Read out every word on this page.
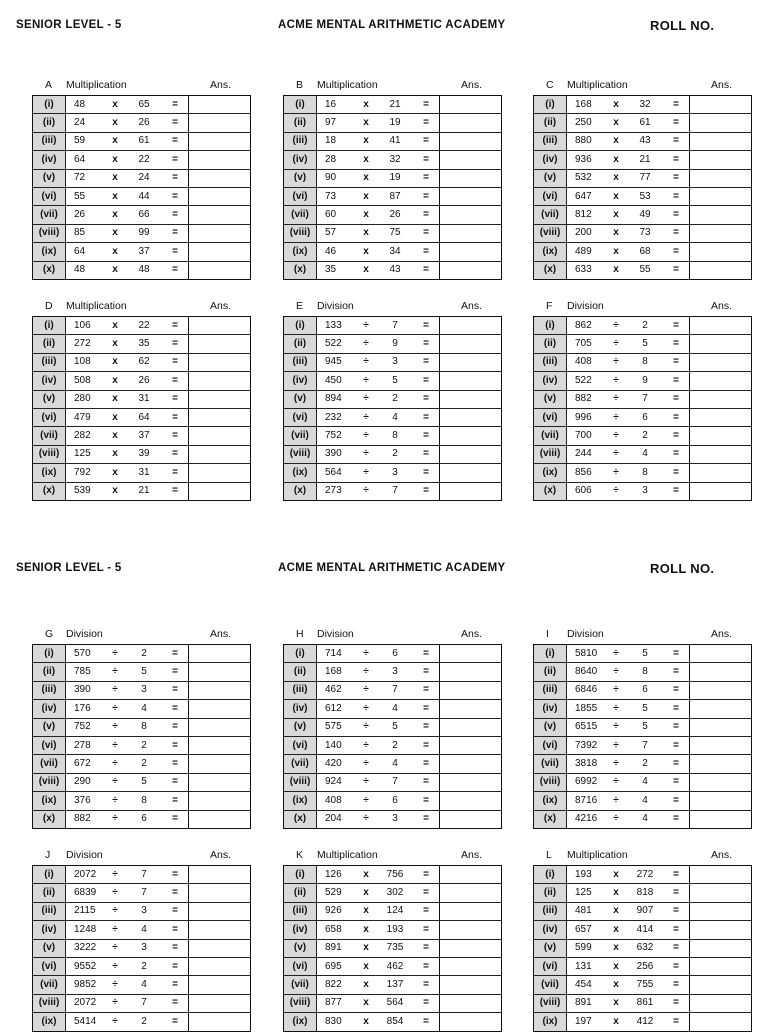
SENIOR LEVEL - 5	ACME MENTAL ARITHMETIC ACADEMY	ROLL NO.
SENIOR LEVEL - 5	ACME MENTAL ARITHMETIC ACADEMY	ROLL NO.
A Multiplication	Ans.
(i)	48	x	65	=	
(ii)	24	x	26	=	
(iii)	59	x	61	=	
(iv)	64	x	22	=	
(v)	72	x	24	=	
(vi)	55	x	44	=	
(vii)	26	x	66	=	
(viii)	85	x	99	=	
(ix)	64	x	37	=	
(x)	48	x	48	=	
B Multiplication	Ans.
(i)	16	x	21	=	
(ii)	97	x	19	=	
(iii)	18	x	41	=	
(iv)	28	x	32	=	
(v)	90	x	19	=	
(vi)	73	x	87	=	
(vii)	60	x	26	=	
(viii)	57	x	75	=	
(ix)	46	x	34	=	
(x)	35	x	43	=	
C Multiplication	Ans.
(i)	168	x	32	=	
(ii)	250	x	61	=	
(iii)	880	x	43	=	
(iv)	936	x	21	=	
(v)	532	x	77	=	
(vi)	647	x	53	=	
(vii)	812	x	49	=	
(viii)	200	x	73	=	
(ix)	489	x	68	=	
(x)	633	x	55	=	
D Multiplication	Ans.
(i)	106	x	22	=	
(ii)	272	x	35	=	
(iii)	108	x	62	=	
(iv)	508	x	26	=	
(v)	280	x	31	=	
(vi)	479	x	64	=	
(vii)	282	x	37	=	
(viii)	125	x	39	=	
(ix)	792	x	31	=	
(x)	539	x	21	=	
E Division	Ans.
(i)	133	÷	7	=	
(ii)	522	÷	9	=	
(iii)	945	÷	3	=	
(iv)	450	÷	5	=	
(v)	894	÷	2	=	
(vi)	232	÷	4	=	
(vii)	752	÷	8	=	
(viii)	390	÷	2	=	
(ix)	564	÷	3	=	
(x)	273	÷	7	=	
F Division	Ans.
(i)	862	÷	2	=	
(ii)	705	÷	5	=	
(iii)	408	÷	8	=	
(iv)	522	÷	9	=	
(v)	882	÷	7	=	
(vi)	996	÷	6	=	
(vii)	700	÷	2	=	
(viii)	244	÷	4	=	
(ix)	856	÷	8	=	
(x)	606	÷	3	=	
G Division	Ans.
(i)	570	÷	2	=	
(ii)	785	÷	5	=	
(iii)	390	÷	3	=	
(iv)	176	÷	4	=	
(v)	752	÷	8	=	
(vi)	278	÷	2	=	
(vii)	672	÷	2	=	
(viii)	290	÷	5	=	
(ix)	376	÷	8	=	
(x)	882	÷	6	=	
H Division	Ans.
(i)	714	÷	6	=	
(ii)	168	÷	3	=	
(iii)	462	÷	7	=	
(iv)	612	÷	4	=	
(v)	575	÷	5	=	
(vi)	140	÷	2	=	
(vii)	420	÷	4	=	
(viii)	924	÷	7	=	
(ix)	408	÷	6	=	
(x)	204	÷	3	=	
I Division	Ans.
(i)	5810	÷	5	=	
(ii)	8640	÷	8	=	
(iii)	6846	÷	6	=	
(iv)	1855	÷	5	=	
(v)	6515	÷	5	=	
(vi)	7392	÷	7	=	
(vii)	3818	÷	2	=	
(viii)	6992	÷	4	=	
(ix)	8716	÷	4	=	
(x)	4216	÷	4	=	
J Division	Ans.
(i)	2072	÷	7	=	
(ii)	6839	÷	7	=	
(iii)	2115	÷	3	=	
(iv)	1248	÷	4	=	
(v)	3222	÷	3	=	
(vi)	9552	÷	2	=	
(vii)	9852	÷	4	=	
(viii)	2072	÷	7	=	
(ix)	5414	÷	2	=	
K Multiplication	Ans.
(i)	126	x	756	=	
(ii)	529	x	302	=	
(iii)	926	x	124	=	
(iv)	658	x	193	=	
(v)	891	x	735	=	
(vi)	695	x	462	=	
(vii)	822	x	137	=	
(viii)	877	x	564	=	
(ix)	830	x	854	=	
L Multiplication	Ans.
(i)	193	x	272	=	
(ii)	125	x	818	=	
(iii)	481	x	907	=	
(iv)	657	x	414	=	
(v)	599	x	632	=	
(vi)	131	x	256	=	
(vii)	454	x	755	=	
(viii)	891	x	861	=	
(ix)	197	x	412	=	
